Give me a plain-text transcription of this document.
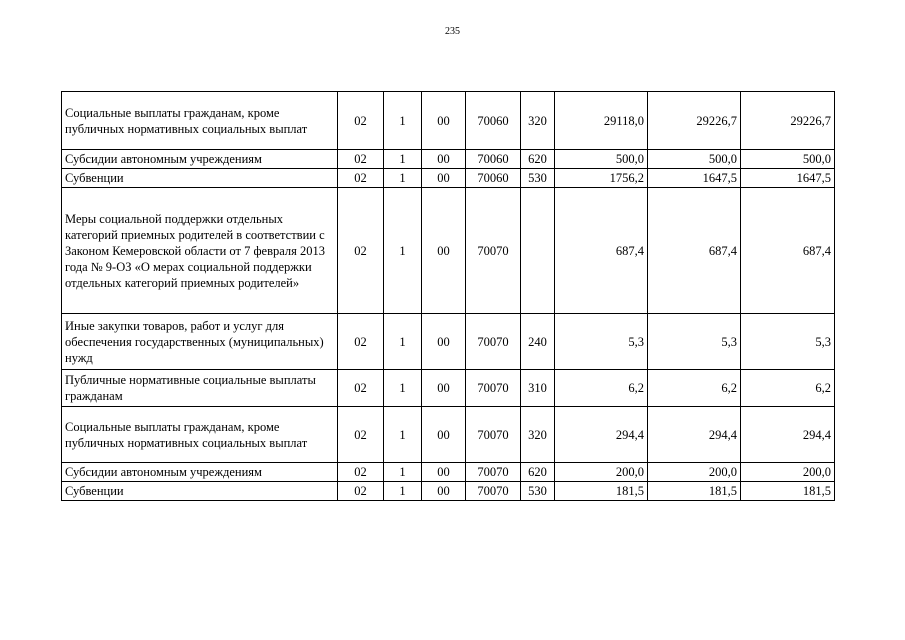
235
Социальные выплаты гражданам, кроме публичных нормативных социальных выплат	02	1	00	70060	320	29118,0	29226,7	29226,7
Субсидии автономным учреждениям	02	1	00	70060	620	500,0	500,0	500,0
Субвенции	02	1	00	70060	530	1756,2	1647,5	1647,5
Меры социальной поддержки отдельных категорий приемных родителей в соответствии с Законом Кемеровской области от 7 февраля 2013 года № 9-ОЗ «О мерах социальной поддержки отдельных категорий приемных родителей»	02	1	00	70070		687,4	687,4	687,4
Иные закупки товаров, работ и услуг для обеспечения государственных (муниципальных) нужд	02	1	00	70070	240	5,3	5,3	5,3
Публичные нормативные социальные выплаты гражданам	02	1	00	70070	310	6,2	6,2	6,2
Социальные выплаты гражданам, кроме публичных нормативных социальных выплат	02	1	00	70070	320	294,4	294,4	294,4
Субсидии автономным учреждениям	02	1	00	70070	620	200,0	200,0	200,0
Субвенции	02	1	00	70070	530	181,5	181,5	181,5
